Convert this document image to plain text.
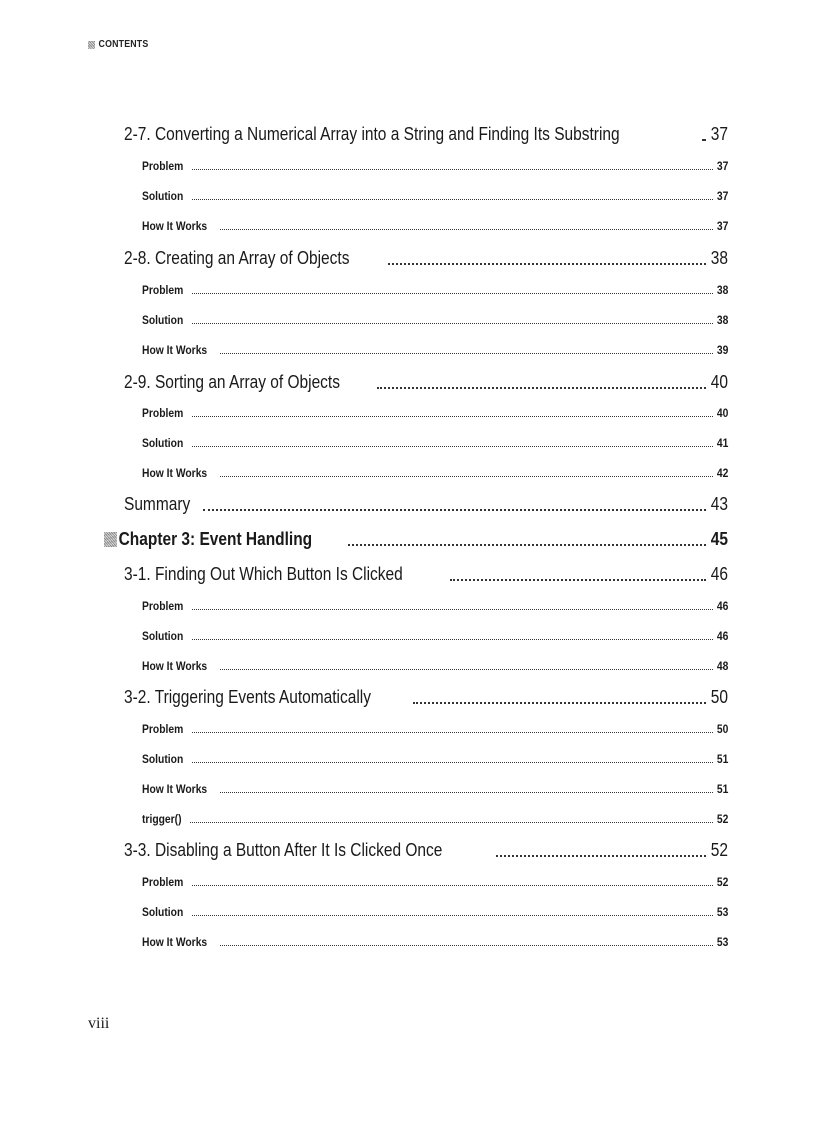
CONTENTS
2-7. Converting a Numerical Array into a String and Finding Its Substring	37
Problem	37
Solution	37
How It Works	37
2-8. Creating an Array of Objects	38
Problem	38
Solution	38
How It Works	39
2-9. Sorting an Array of Objects	40
Problem	40
Solution	41
How It Works	42
Summary	43
Chapter 3: Event Handling	45
3-1. Finding Out Which Button Is Clicked	46
Problem	46
Solution	46
How It Works	48
3-2. Triggering Events Automatically	50
Problem	50
Solution	51
How It Works	51
trigger()	52
3-3. Disabling a Button After It Is Clicked Once	52
Problem	52
Solution	53
How It Works	53
viii
